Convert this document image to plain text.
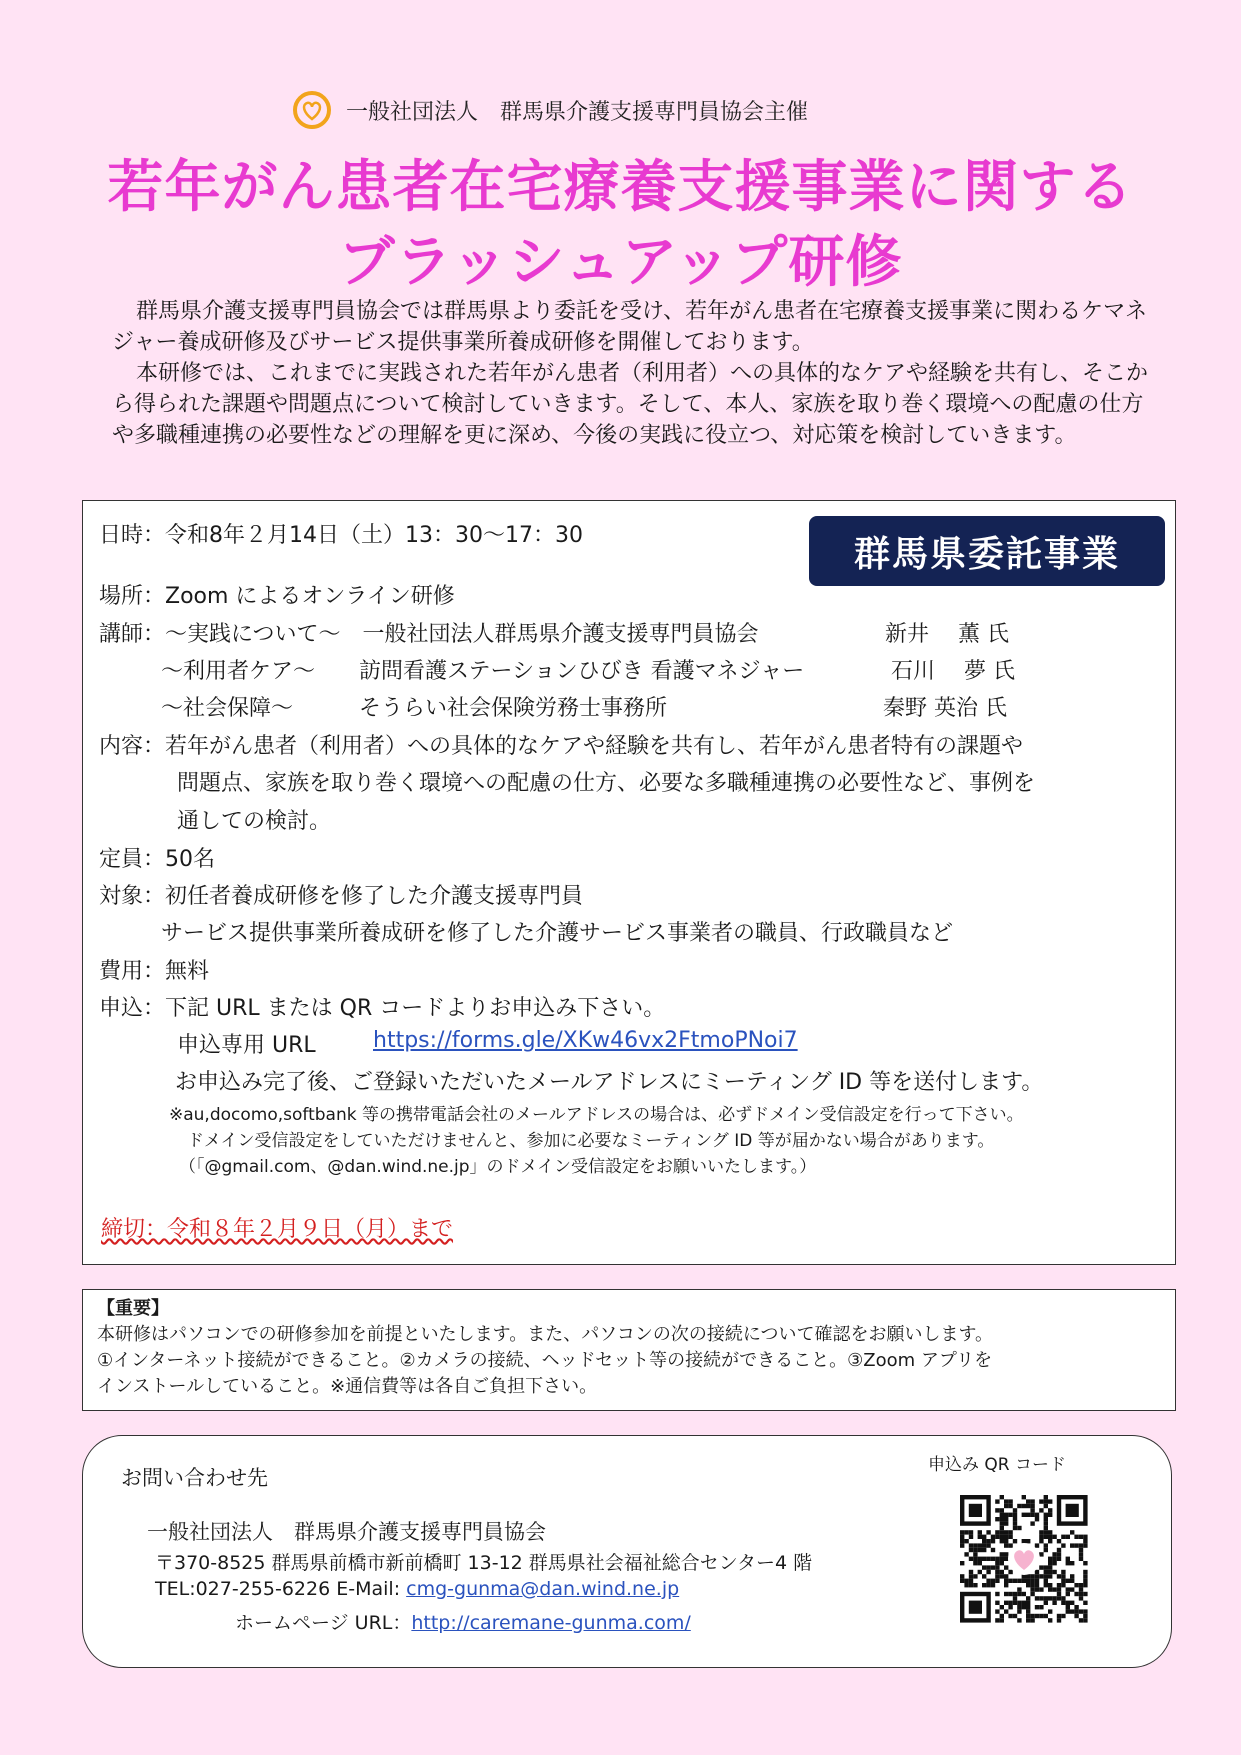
一般社団法人　群馬県介護支援専門員協会主催
若年がん患者在宅療養支援事業に関する
ブラッシュアップ研修

群馬県介護支援専門員協会では群馬県より委託を受け、若年がん患者在宅療養支援事業に関わるケマネジャー養成研修及びサービス提供事業所養成研修を開催しております。

本研修では、これまでに実践された若年がん患者（利用者）への具体的なケアや経験を共有し、そこから得られた課題や問題点について検討していきます。そして、本人、家族を取り巻く環境への配慮の仕方や多職種連携の必要性などの理解を更に深め、今後の実践に役立つ、対応策を検討していきます。

群馬県委託事業
日時：令和8年２月14日（土）13：30～17：30
場所：Zoom によるオンライン研修
講師：～実践について～　一般社団法人群馬県介護支援専門員協会	新井　 薫 氏
～利用者ケア～　　訪問看護ステーションひびき 看護マネジャー	石川　 夢 氏
～社会保障～　　　そうらい社会保険労務士事務所	秦野 英治 氏
内容：若年がん患者（利用者）への具体的なケアや経験を共有し、若年がん患者特有の課題や
問題点、家族を取り巻く環境への配慮の仕方、必要な多職種連携の必要性など、事例を
通しての検討。
定員：50名
対象：初任者養成研修を修了した介護支援専門員
サービス提供事業所養成研を修了した介護サービス事業者の職員、行政職員など
費用：無料
申込：下記 URL または QR コードよりお申込み下さい。
申込専用 URL	https://forms.gle/XKw46vx2FtmoPNoi7
お申込み完了後、ご登録いただいたメールアドレスにミーティング ID 等を送付します。
※au,docomo,softbank 等の携帯電話会社のメールアドレスの場合は、必ずドメイン受信設定を行って下さい。
ドメイン受信設定をしていただけませんと、参加に必要なミーティング ID 等が届かない場合があります。
（「@gmail.com、@dan.wind.ne.jp」のドメイン受信設定をお願いいたします。）
締切：令和８年２月９日（月）まで
【重要】
本研修はパソコンでの研修参加を前提といたします。また、パソコンの次の接続について確認をお願いします。
①インターネット接続ができること。②カメラの接続、ヘッドセット等の接続ができること。③Zoom アプリを
インストールしていること。※通信費等は各自ご負担下さい。
お問い合わせ先
一般社団法人　群馬県介護支援専門員協会
〒370-8525 群馬県前橋市新前橋町 13-12 群馬県社会福祉総合センター4 階
TEL:027-255-6226 E-Mail: cmg-gunma@dan.wind.ne.jp
ホームページ URL：http://caremane-gunma.com/
申込み QR コード
